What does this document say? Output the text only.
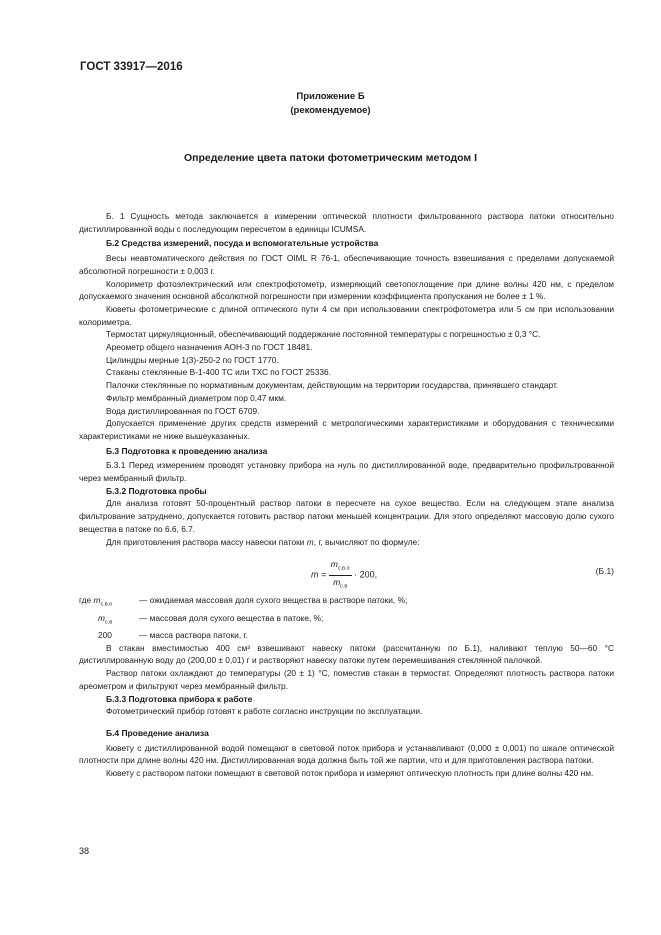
ГОСТ 33917—2016
Приложение Б
(рекомендуемое)
Определение цвета патоки фотометрическим методом I

Б. 1 Сущность метода заключается в измерении оптической плотности фильтрованного раствора патоки относительно дистиллированной воды с последующим пересчетом в единицы ICUMSA.

Б.2 Средства измерений, посуда и вспомогательные устройства

Весы неавтоматического действия по ГОСТ OIML R 76-1, обеспечивающие точность взвешивания с пределами допускаемой абсолютной погрешности ± 0,003 г.

Колориметр фотоэлектрический или спектрофотометр, измеряющий светопоглощение при длине волны 420 нм, с пределом допускаемого значения основной абсолютной погрешности при измерении коэффициента пропускания не более ± 1 %.

Кюветы фотометрические с длиной оптического пути 4 см при использовании спектрофотометра или 5 см при использовании колориметра.

Термостат циркуляционный, обеспечивающий поддержание постоянной температуры с погрешностью ± 0,3 °С.

Ареометр общего назначения АОН-3 по ГОСТ 18481.

Цилиндры мерные 1(3)-250-2 по ГОСТ 1770.

Стаканы стеклянные В-1-400 ТС или ТХС по ГОСТ 25336.

Палочки стеклянные по нормативным документам, действующим на территории государства, принявшего стандарт.

Фильтр мембранный диаметром пор 0,47 мкм.

Вода дистиллированная по ГОСТ 6709.

Допускается применение других средств измерений с метрологическими характеристиками и оборудования с техническими характеристиками не ниже вышеуказанных.

Б.3 Подготовка к проведению анализа

Б.3.1 Перед измерением проводят установку прибора на нуль по дистиллированной воде, предварительно профильтрованной через мембранный фильтр.

Б.3.2 Подготовка пробы

Для анализа готовят 50-процентный раствор патоки в пересчете на сухое вещество. Если на следующем этапе анализа фильтрование затруднено, допускается готовить раствор патоки меньшей концентрации. Для этого определяют массовую долю сухого вещества в патоке по 6.6, 6.7.

Для приготовления раствора массу навески патоки m, г, вычисляют по формуле:

$m = \frac{m_{с.в.о}}{m_{с.в}} \cdot 200$,	(Б.1)
где $m_{с.в.о}$	— ожидаемая массовая доля сухого вещества в растворе патоки, %;
$m_{с.в}$	— массовая доля сухого вещества в патоке, %;
200	— масса раствора патоки, г.

В стакан вместимостью 400 см³ взвешивают навеску патоки (рассчитанную по Б.1), наливают теплую 50—60 °С дистиллированную воду до (200,00 ± 0,01) г и растворяют навеску патоки путем перемешивания стеклянной палочкой.

Раствор патоки охлаждают до температуры (20 ± 1) °С, поместив стакан в термостат. Определяют плотность раствора патоки ареометром и фильтруют через мембранный фильтр.

Б.3.3 Подготовка прибора к работе

Фотометрический прибор готовят к работе согласно инструкции по эксплуатации.

Б.4 Проведение анализа

Кювету с дистиллированной водой помещают в световой поток прибора и устанавливают (0,000 ± 0,001) по шкале оптической плотности при длине волны 420 нм. Дистиллированная вода должна быть той же партии, что и для приготовления раствора патоки.

Кювету с раствором патоки помещают в световой поток прибора и измеряют оптическую плотность при длине волны 420 нм.

38
